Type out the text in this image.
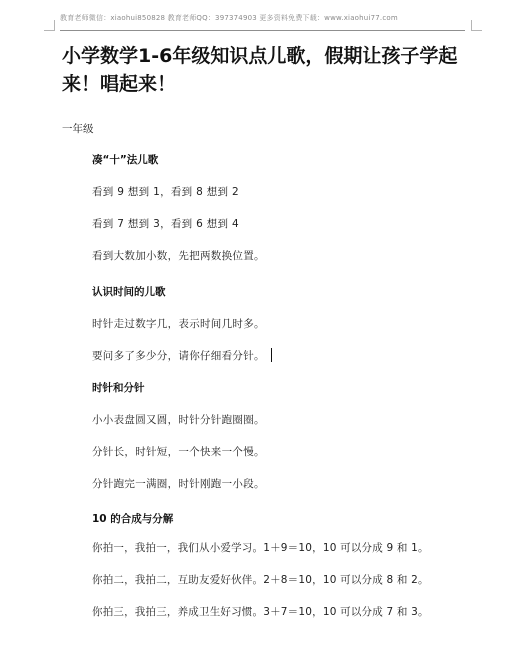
教育老师微信：xiaohui850828 教育老师QQ：397374903 更多资料免费下载：www.xiaohui77.com
小学数学1-6年级知识点儿歌，假期让孩子学起来！唱起来！
一年级
凑“十”法儿歌
看到 9 想到 1，看到 8 想到 2
看到 7 想到 3，看到 6 想到 4
看到大数加小数，先把两数换位置。
认识时间的儿歌
时针走过数字几，表示时间几时多。
要问多了多少分，请你仔细看分针。
时针和分针
小小表盘圆又圆，时针分针跑圈圈。
分针长，时针短，一个快来一个慢。
分针跑完一满圈，时针刚跑一小段。
10 的合成与分解
你拍一，我拍一，我们从小爱学习。1＋9＝10，10 可以分成 9 和 1。
你拍二，我拍二，互助友爱好伙伴。2＋8＝10，10 可以分成 8 和 2。
你拍三，我拍三，养成卫生好习惯。3＋7＝10，10 可以分成 7 和 3。
